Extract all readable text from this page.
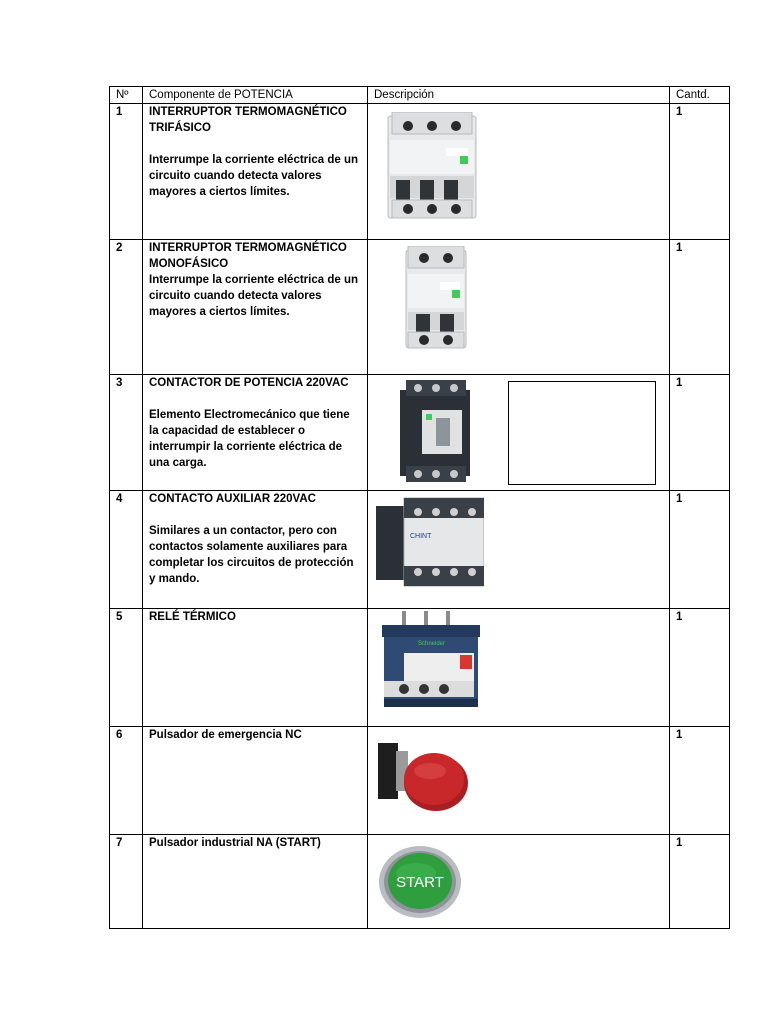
Nº	Componente de POTENCIA	Descripción	Cantd.
1	INTERRUPTOR TERMOMAGNÉTICO TRIFÁSICO

Interrumpe la corriente eléctrica de un circuito cuando detecta valores mayores a ciertos límites.		1
2	INTERRUPTOR TERMOMAGNÉTICO MONOFÁSICO

Interrumpe la corriente eléctrica de un circuito cuando detecta valores mayores a ciertos límites.		1
3	CONTACTOR DE POTENCIA 220VAC

Elemento Electromecánico que tiene la capacidad de establecer o interrumpir la corriente eléctrica de una carga.		1
4	CONTACTO AUXILIAR 220VAC

Similares a un contactor, pero con contactos solamente auxiliares para completar los circuitos de protección y mando.	CHINT	1
5	RELÉ TÉRMICO	Schneider	1
6	Pulsador de emergencia NC		1
7	Pulsador industrial NA (START)	START	1
